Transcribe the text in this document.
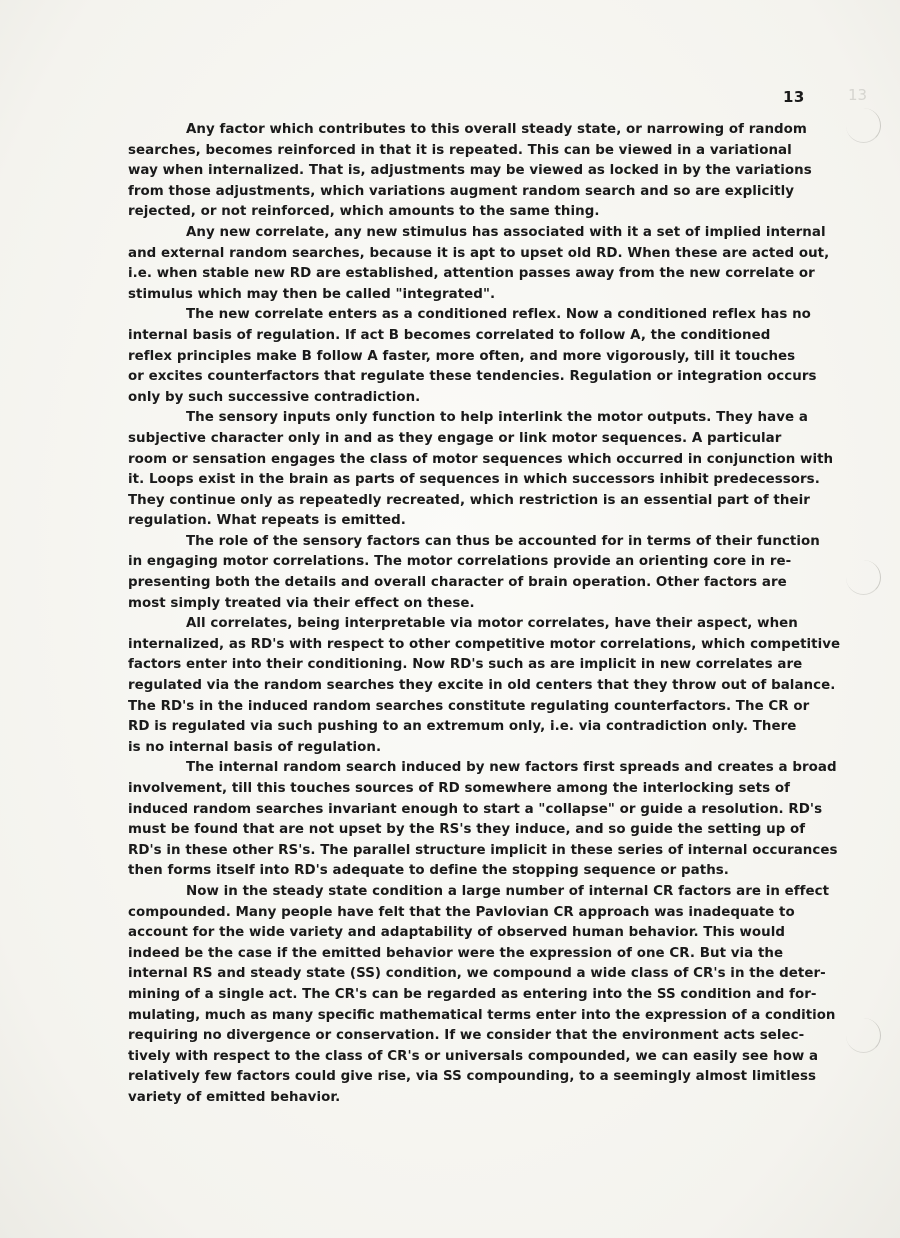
13	13

Any factor which contributes to this overall steady state, or narrowing of random
searches, becomes reinforced in that it is repeated. This can be viewed in a variational
way when internalized. That is, adjustments may be viewed as locked in by the variations
from those adjustments, which variations augment random search and so are explicitly
rejected, or not reinforced, which amounts to the same thing.

Any new correlate, any new stimulus has associated with it a set of implied internal
and external random searches, because it is apt to upset old RD. When these are acted out,
i.e. when stable new RD are established, attention passes away from the new correlate or
stimulus which may then be called "integrated".

The new correlate enters as a conditioned reflex. Now a conditioned reflex has no
internal basis of regulation. If act B becomes correlated to follow A, the conditioned
reflex principles make B follow A faster, more often, and more vigorously, till it touches
or excites counterfactors that regulate these tendencies. Regulation or integration occurs
only by such successive contradiction.

The sensory inputs only function to help interlink the motor outputs. They have a
subjective character only in and as they engage or link motor sequences. A particular
room or sensation engages the class of motor sequences which occurred in conjunction with
it. Loops exist in the brain as parts of sequences in which successors inhibit predecessors.
They continue only as repeatedly recreated, which restriction is an essential part of their
regulation. What repeats is emitted.

The role of the sensory factors can thus be accounted for in terms of their function
in engaging motor correlations. The motor correlations provide an orienting core in re-
presenting both the details and overall character of brain operation. Other factors are
most simply treated via their effect on these.

All correlates, being interpretable via motor correlates, have their aspect, when
internalized, as RD's with respect to other competitive motor correlations, which competitive
factors enter into their conditioning. Now RD's such as are implicit in new correlates are
regulated via the random searches they excite in old centers that they throw out of balance.
The RD's in the induced random searches constitute regulating counterfactors. The CR or
RD is regulated via such pushing to an extremum only, i.e. via contradiction only. There
is no internal basis of regulation.

The internal random search induced by new factors first spreads and creates a broad
involvement, till this touches sources of RD somewhere among the interlocking sets of
induced random searches invariant enough to start a "collapse" or guide a resolution. RD's
must be found that are not upset by the RS's they induce, and so guide the setting up of
RD's in these other RS's. The parallel structure implicit in these series of internal occurances
then forms itself into RD's adequate to define the stopping sequence or paths.

Now in the steady state condition a large number of internal CR factors are in effect
compounded. Many people have felt that the Pavlovian CR approach was inadequate to
account for the wide variety and adaptability of observed human behavior. This would
indeed be the case if the emitted behavior were the expression of one CR. But via the
internal RS and steady state (SS) condition, we compound a wide class of CR's in the deter-
mining of a single act. The CR's can be regarded as entering into the SS condition and for-
mulating, much as many specific mathematical terms enter into the expression of a condition
requiring no divergence or conservation. If we consider that the environment acts selec-
tively with respect to the class of CR's or universals compounded, we can easily see how a
relatively few factors could give rise, via SS compounding, to a seemingly almost limitless
variety of emitted behavior.
